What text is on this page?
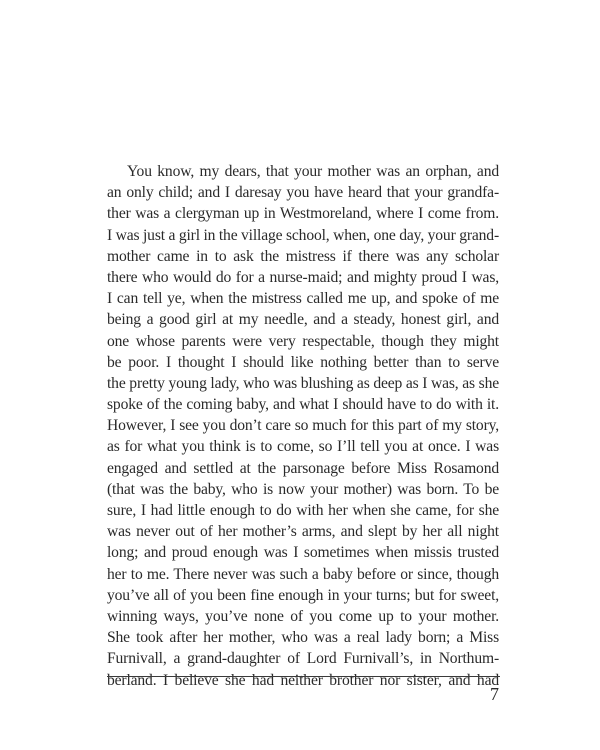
You know, my dears, that your mother was an orphan, and
an only child; and I daresay you have heard that your grandfa-
ther was a clergyman up in Westmoreland, where I come from.
I was just a girl in the village school, when, one day, your grand-
mother came in to ask the mistress if there was any scholar
there who would do for a nurse-maid; and mighty proud I was,
I can tell ye, when the mistress called me up, and spoke of me
being a good girl at my needle, and a steady, honest girl, and
one whose parents were very respectable, though they might
be poor. I thought I should like nothing better than to serve
the pretty young lady, who was blushing as deep as I was, as she
spoke of the coming baby, and what I should have to do with it.
However, I see you don’t care so much for this part of my story,
as for what you think is to come, so I’ll tell you at once. I was
engaged and settled at the parsonage before Miss Rosamond
(that was the baby, who is now your mother) was born. To be
sure, I had little enough to do with her when she came, for she
was never out of her mother’s arms, and slept by her all night
long; and proud enough was I sometimes when missis trusted
her to me. There never was such a baby before or since, though
you’ve all of you been fine enough in your turns; but for sweet,
winning ways, you’ve none of you come up to your mother.
She took after her mother, who was a real lady born; a Miss
Furnivall, a grand-daughter of Lord Furnivall’s, in Northum-
berland. I believe she had neither brother nor sister, and had

7
